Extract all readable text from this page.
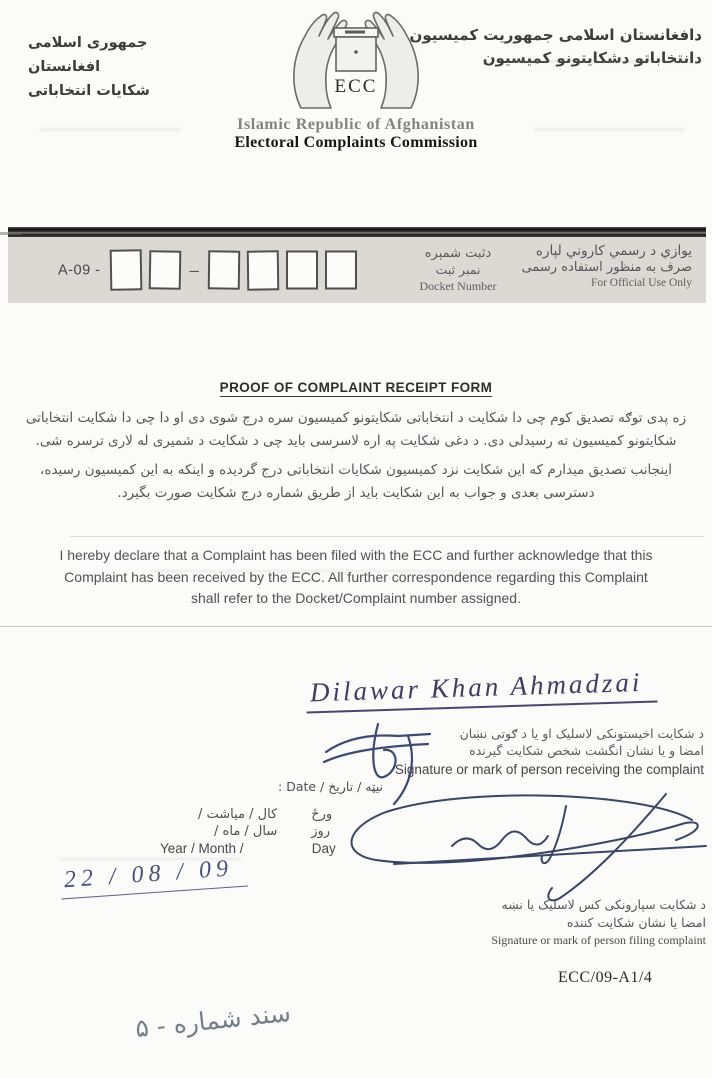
دافغانستان اسلامی جمهوریت کمیسیون
دانتخاباتو دشکایتونو کمیسیون
جمهوری اسلامی افغانستان
شکایات انتخاباتی	ECC
Islamic Republic of Afghanistan
Electoral Complaints Commission
A-09 -	–
دثبت شمېره
نمبر ثبت
Docket Number
یوازي د رسمي کاروني لپاره
صرف به منظور استفاده رسمی
For Official Use Only
PROOF OF COMPLAINT RECEIPT FORM

زه پدی توګه تصدیق کوم چی دا شکایت د انتخاباتی شکایتونو کمیسیون سره درج شوی دی او دا چی دا شکایت انتخاباتی شکایتونو کمیسیون ته رسیدلی دی. د دغی شکایت په اره لاسرسی باید چی د شکایت د شمیری له لاری ترسره شی.

اینجانب تصدیق میدارم که این شکایت نزد کمیسیون شکایات انتخاباتی درج گردیده و اینکه به این کمیسیون رسیده، دسترسی بعدی و جواب به این شکایت باید از طریق شماره درج شکایت صورت بگیرد.

I hereby declare that a Complaint has been filed with the ECC and further acknowledge that this Complaint has been received by the ECC. All further correspondence regarding this Complaint shall refer to the Docket/Complaint number assigned.
Dilawar Khan Ahmadzai
د شکایت اخیستونکی لاسلیک او یا د ګوتی نښان
امضا و یا نشان انگشت شخص شکایت گیرنده
Signature or mark of person receiving the complaint
نیټه / تاریخ / Date :
کال / میاشت /	ورځ
سال / ماه /	روز
Year / Month /	Day
22 / 08 / 09
د شکایت سپارونکی کس لاسلیک یا نښه
امضا یا نشان شکایت کننده
Signature or mark of person filing complaint
ECC/09-A1/4
سند شماره - ۵
